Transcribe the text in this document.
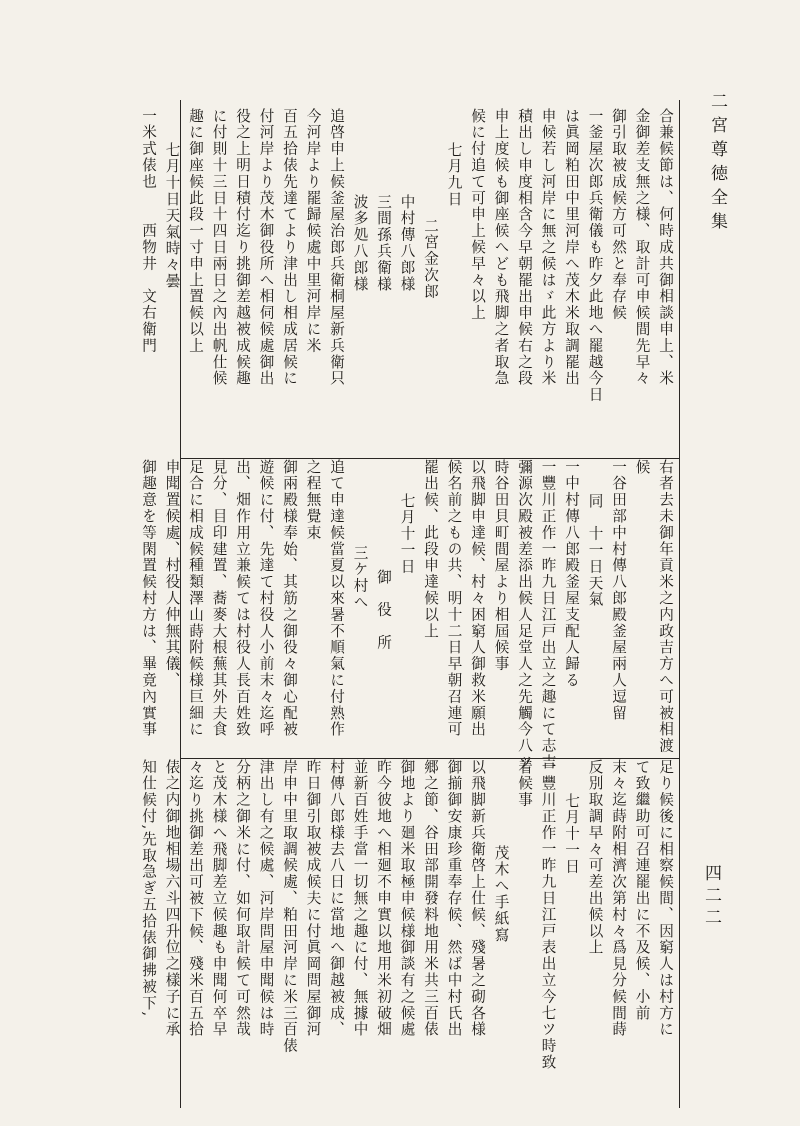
二宮尊徳全集
四二二
合兼候節は、何時成共御相談申上、米
金御差支無之様、取計可申候間先早々
御引取被成候方可然と奉存候
一釜屋次郎兵衛儀も昨夕此地へ罷越今日
は眞岡粕田中里河岸へ茂木米取調罷出
申候若し河岸に無之候はゞ此方より米
積出し申度相含今早朝罷出申候右之段
申上度候も御座候へども飛脚之者取急
候に付追て可申上候早々以上
七月九日
二宮金次郎
中村傳八郎様
三間孫兵衛様
波多処八郎様
追啓申上候釜屋治郎兵衛桐屋新兵衛只
今河岸より罷歸候處中里河岸に米
百五拾俵先達てより津出し相成居候に
付河岸より茂木御役所へ相伺候處御出
役之上明日積付迄り挑御差越被成候趣
に付則十三日十四日兩日之內出帆仕候
趣に御座候此段一寸申上置候以上
七月十日天氣時々曇
一米式俵也　　西物井　文右衛門
右者去未御年貢米之内政吉方へ可被相渡
候
一谷田部中村傳八郎殿釜屋兩人逗留
同　十一日天氣
一中村傳八郎殿釜屋支配人歸る
一豐川正作一昨九日江戸出立之趣にて志吉
彌源次殿被差添出候人足堂人之先觸今八ツ
時谷田貝町間屋より相屆候事
以飛脚申達候、村々困窮人御救米願出
候名前之もの共、明十二日早朝召連可
罷出候、此段申達候以上
七月十一日
御　役　所
三ケ村へ
追て申達候當夏以來暑不順氣に付熟作
之程無覺束
御兩殿様奉始、其筋之御役々御心配被
遊候に付、先達て村役人小前末々迄呼
出、畑作用立兼候ては村役人長百姓致
見分、目印建置、蕎麥大根蕪其外夫食
足合に相成候種類澤山蒔附候様巨細に
申聞置候處、村役人仲無其儀、
御趣意を等閑置候村方は、畢竟內實事
足り候後に相察候間、因窮人は村方に
て致繼助可召連罷出に不及候、小前
末々迄蒔附相濟次第村々爲見分候間蒔
反別取調早々可差出候以上
七月十一日
一豐川正作一昨九日江戸表出立今七ツ時致
着候事
茂木へ手紙寫
以飛脚新兵衛啓上仕候、殘暑之砌各様
御揃御安康珍重奉存候、然ば中村氏出
郷之節、谷田部開發料地用米共三百俵
御地より廻米取極申候様御談有之候處
昨今彼地へ相廻不申實以地用米初破畑
並新百姓手當一切無之趣に付、無據中
村傳八郎様去八日に當地へ御越被成、
昨日御引取被成候夫に付眞岡問屋御河
岸申中里取調候處、粕田河岸に米三百俵
津出し有之候處、河岸問屋申聞候は時
分柄之御米に付、如何取計候て可然哉
と茂木様へ飛脚差立候趣も申聞何卒早
々迄り挑御差出可被下候、殘米百五拾
俵之内御地相場六斗四升位之樣子に承
知仕候付,先取急ぎ五拾俵御拂被下,
